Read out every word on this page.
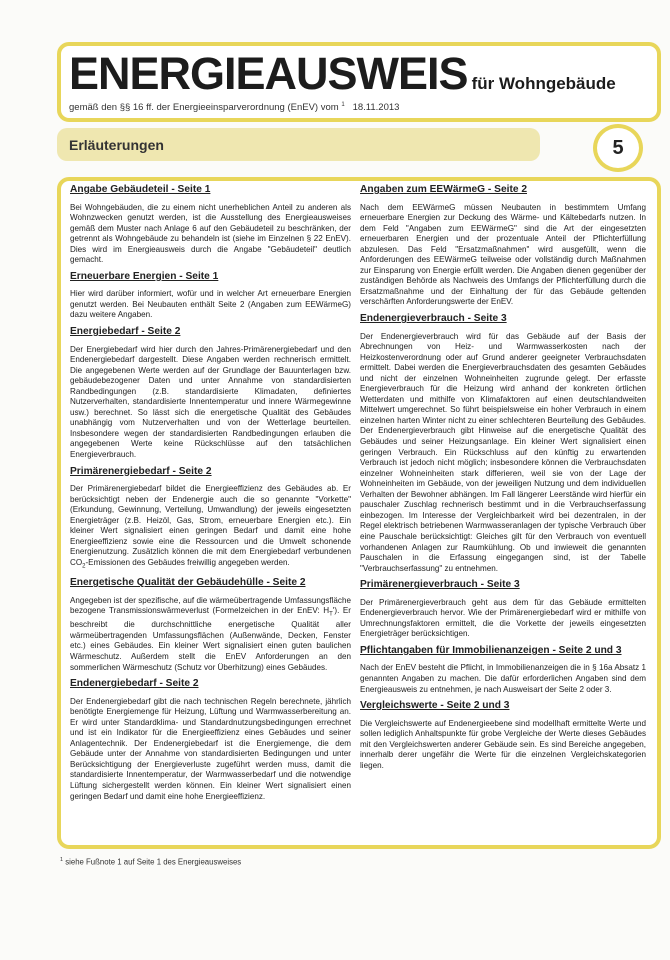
ENERGIEAUSWEIS für Wohngebäude
gemäß den §§ 16 ff. der Energieeinsparverordnung (EnEV) vom $^1$ 18.11.2013
Erläuterungen	5
Angabe Gebäudeteil - Seite 1

Bei Wohngebäuden, die zu einem nicht unerheblichen Anteil zu anderen als Wohnzwecken genutzt werden, ist die Ausstellung des Energieausweises gemäß dem Muster nach Anlage 6 auf den Gebäudeteil zu beschränken, der getrennt als Wohngebäude zu behandeln ist (siehe im Einzelnen § 22 EnEV). Dies wird im Energieausweis durch die Angabe "Gebäudeteil" deutlich gemacht.

Erneuerbare Energien - Seite 1

Hier wird darüber informiert, wofür und in welcher Art erneuerbare Energien genutzt werden. Bei Neubauten enthält Seite 2 (Angaben zum EEWärmeG) dazu weitere Angaben.

Energiebedarf - Seite 2

Der Energiebedarf wird hier durch den Jahres-Primärenergiebedarf und den Endenergiebedarf dargestellt. Diese Angaben werden rechnerisch ermittelt. Die angegebenen Werte werden auf der Grundlage der Bauunterlagen bzw. gebäudebezogener Daten und unter Annahme von standardisierten Randbedingungen (z.B. standardisierte Klimadaten, definiertes Nutzerverhalten, standardisierte Innentemperatur und innere Wärmegewinne usw.) berechnet. So lässt sich die energetische Qualität des Gebäudes unabhängig vom Nutzerverhalten und von der Wetterlage beurteilen. Insbesondere wegen der standardisierten Randbedingungen erlauben die angegebenen Werte keine Rückschlüsse auf den tatsächlichen Energieverbrauch.

Primärenergiebedarf - Seite 2

Der Primärenergiebedarf bildet die Energieeffizienz des Gebäudes ab. Er berücksichtigt neben der Endenergie auch die so genannte "Vorkette" (Erkundung, Gewinnung, Verteilung, Umwandlung) der jeweils eingesetzten Energieträger (z.B. Heizöl, Gas, Strom, erneuerbare Energien etc.). Ein kleiner Wert signalisiert einen geringen Bedarf und damit eine hohe Energieeffizienz sowie eine die Ressourcen und die Umwelt schonende Energienutzung. Zusätzlich können die mit dem Energiebedarf verbundenen $CO_2$-Emissionen des Gebäudes freiwillig angegeben werden.

Energetische Qualität der Gebäudehülle - Seite 2

Angegeben ist der spezifische, auf die wärmeübertragende Umfassungsfläche bezogene Transmissionswärmeverlust (Formelzeichen in der EnEV: $H_T'$). Er beschreibt die durchschnittliche energetische Qualität aller wärmeübertragenden Umfassungsflächen (Außenwände, Decken, Fenster etc.) eines Gebäudes. Ein kleiner Wert signalisiert einen guten baulichen Wärmeschutz. Außerdem stellt die EnEV Anforderungen an den sommerlichen Wärmeschutz (Schutz vor Überhitzung) eines Gebäudes.

Endenergiebedarf - Seite 2

Der Endenergiebedarf gibt die nach technischen Regeln berechnete, jährlich benötigte Energiemenge für Heizung, Lüftung und Warmwasserbereitung an. Er wird unter Standardklima- und Standardnutzungsbedingungen errechnet und ist ein Indikator für die Energieeffizienz eines Gebäudes und seiner Anlagentechnik. Der Endenergiebedarf ist die Energiemenge, die dem Gebäude unter der Annahme von standardisierten Bedingungen und unter Berücksichtigung der Energieverluste zugeführt werden muss, damit die standardisierte Innentemperatur, der Warmwasserbedarf und die notwendige Lüftung sichergestellt werden können. Ein kleiner Wert signalisiert einen geringen Bedarf und damit eine hohe Energieeffizienz.

Angaben zum EEWärmeG - Seite 2

Nach dem EEWärmeG müssen Neubauten in bestimmtem Umfang erneuerbare Energien zur Deckung des Wärme- und Kältebedarfs nutzen. In dem Feld "Angaben zum EEWärmeG" sind die Art der eingesetzten erneuerbaren Energien und der prozentuale Anteil der Pflichterfüllung abzulesen. Das Feld "Ersatzmaßnahmen" wird ausgefüllt, wenn die Anforderungen des EEWärmeG teilweise oder vollständig durch Maßnahmen zur Einsparung von Energie erfüllt werden. Die Angaben dienen gegenüber der zuständigen Behörde als Nachweis des Umfangs der Pflichterfüllung durch die Ersatzmaßnahme und der Einhaltung der für das Gebäude geltenden verschärften Anforderungswerte der EnEV.

Endenergieverbrauch - Seite 3

Der Endenergieverbrauch wird für das Gebäude auf der Basis der Abrechnungen von Heiz- und Warmwasserkosten nach der Heizkostenverordnung oder auf Grund anderer geeigneter Verbrauchsdaten ermittelt. Dabei werden die Energieverbrauchsdaten des gesamten Gebäudes und nicht der einzelnen Wohneinheiten zugrunde gelegt. Der erfasste Energieverbrauch für die Heizung wird anhand der konkreten örtlichen Wetterdaten und mithilfe von Klimafaktoren auf einen deutschlandweiten Mittelwert umgerechnet. So führt beispielsweise ein hoher Verbrauch in einem einzelnen harten Winter nicht zu einer schlechteren Beurteilung des Gebäudes. Der Endenergieverbrauch gibt Hinweise auf die energetische Qualität des Gebäudes und seiner Heizungsanlage. Ein kleiner Wert signalisiert einen geringen Verbrauch. Ein Rückschluss auf den künftig zu erwartenden Verbrauch ist jedoch nicht möglich; insbesondere können die Verbrauchsdaten einzelner Wohneinheiten stark differieren, weil sie von der Lage der Wohneinheiten im Gebäude, von der jeweiligen Nutzung und dem individuellen Verhalten der Bewohner abhängen. Im Fall längerer Leerstände wird hierfür ein pauschaler Zuschlag rechnerisch bestimmt und in die Verbrauchserfassung einbezogen. Im Interesse der Vergleichbarkeit wird bei dezentralen, in der Regel elektrisch betriebenen Warmwasseranlagen der typische Verbrauch über eine Pauschale berücksichtigt: Gleiches gilt für den Verbrauch von eventuell vorhandenen Anlagen zur Raumkühlung. Ob und inwieweit die genannten Pauschalen in die Erfassung eingegangen sind, ist der Tabelle "Verbrauchserfassung" zu entnehmen.

Primärenergieverbrauch - Seite 3

Der Primärenergieverbrauch geht aus dem für das Gebäude ermittelten Endenergieverbrauch hervor. Wie der Primärenergiebedarf wird er mithilfe von Umrechnungsfaktoren ermittelt, die die Vorkette der jeweils eingesetzten Energieträger berücksichtigen.

Pflichtangaben für Immobilienanzeigen - Seite 2 und 3

Nach der EnEV besteht die Pflicht, in Immobilienanzeigen die in § 16a Absatz 1 genannten Angaben zu machen. Die dafür erforderlichen Angaben sind dem Energieausweis zu entnehmen, je nach Ausweisart der Seite 2 oder 3.

Vergleichswerte - Seite 2 und 3

Die Vergleichswerte auf Endenergieebene sind modellhaft ermittelte Werte und sollen lediglich Anhaltspunkte für grobe Vergleiche der Werte dieses Gebäudes mit den Vergleichswerten anderer Gebäude sein. Es sind Bereiche angegeben, innerhalb derer ungefähr die Werte für die einzelnen Vergleichskategorien liegen.

$^1$ siehe Fußnote 1 auf Seite 1 des Energieausweises
